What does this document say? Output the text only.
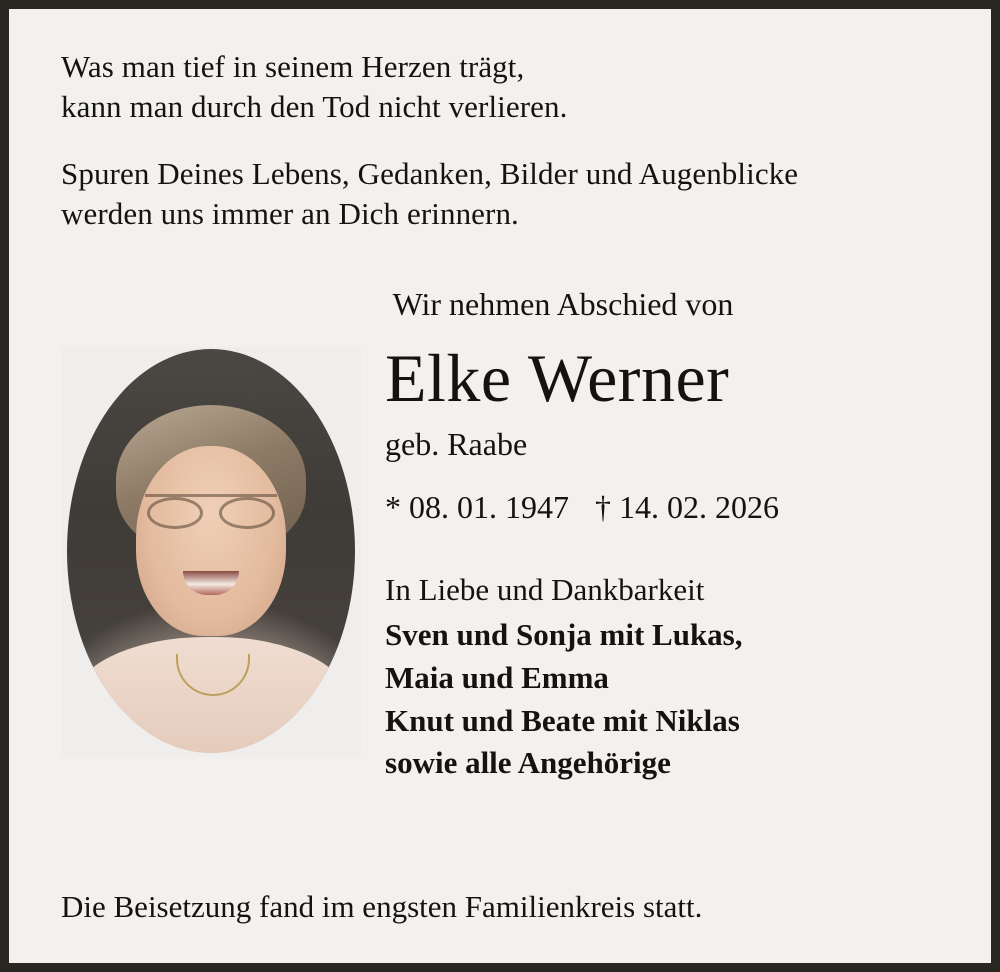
Was man tief in seinem Herzen trägt,
kann man durch den Tod nicht verlieren.

Spuren Deines Lebens, Gedanken, Bilder und Augenblicke
werden uns immer an Dich erinnern.

Wir nehmen Abschied von
Elke Werner
geb. Raabe
* 08. 01. 1947 † 14. 02. 2026
In Liebe und Dankbarkeit
Sven und Sonja mit Lukas,
Maia und Emma
Knut und Beate mit Niklas
sowie alle Angehörige
Die Beisetzung fand im engsten Familienkreis statt.
